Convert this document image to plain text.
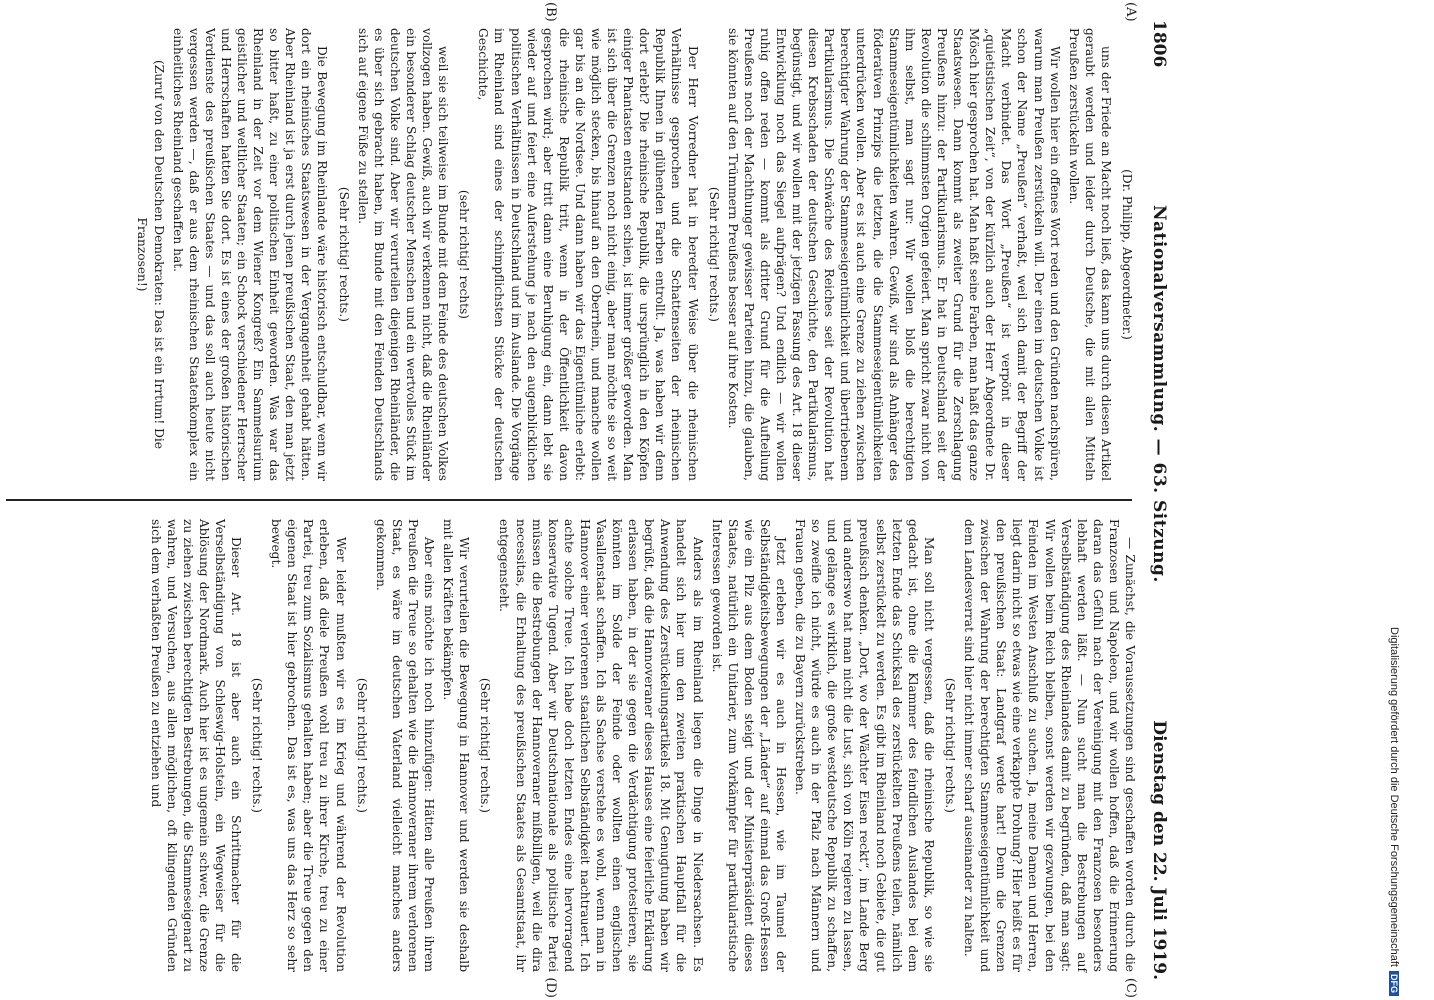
1806
Nationalversammlung. — 63. Sitzung.
Dienstag den 22. Juli 1919.

(Dr. Philipp, Abgeordneter.)

uns der Friede an Macht noch ließ, das kann uns durch diesen Artikel geraubt werden und leider durch Deutsche, die mit allen Mitteln Preußen zerstückeln wollen.

Wir wollen hier ein offenes Wort reden und den Gründen nachspüren, warum man Preußen zerstückeln will. Der einen im deutschen Volke ist schon der Name „Preußen“ verhaßt, weil sich damit der Begriff der Macht verbindet. Das Wort „Preußen“ ist verpönt in dieser „quietistischen Zeit“, von der kürzlich auch der Herr Abgeordnete Dr. Mösch hier gesprochen hat. Man haßt seine Farben, man haßt das ganze Staatswesen. Dann kommt als zweiter Grund für die Zerschlagung Preußens hinzu: der Partikularismus. Er hat in Deutschland seit der Revolution die schlimmsten Orgien gefeiert. Man spricht zwar nicht von ihm selbst, man sagt nur: Wir wollen bloß die berechtigten Stammeseigentümlichkeiten wahren. Gewiß, wir sind als Anhänger des föderativen Prinzips die letzten, die die Stammeseigentümlichkeiten unterdrücken wollen. Aber es ist auch eine Grenze zu ziehen zwischen berechtigter Wahrung der Stammeseigentümlichkeit und übertriebenem Partikularismus. Die Schwäche des Reiches seit der Revolution hat diesen Krebsschaden der deutschen Geschichte, den Partikularismus, begünstigt, und wir wollen mit der jetzigen Fassung des Art. 18 dieser Entwicklung noch das Siegel aufprägen? Und endlich — wir wollen ruhig offen reden — kommt als dritter Grund für die Aufteilung Preußens noch der Machthunger gewisser Parteien hinzu, die glauben, sie könnten auf den Trümmern Preußens besser auf ihre Kosten.

(Sehr richtig! rechts.)

Der Herr Vorredner hat in beredter Weise über die rheinischen Verhältnisse gesprochen und die Schattenseiten der rheinischen Republik Ihnen in glühenden Farben entrollt. Ja, was haben wir denn dort erlebt? Die rheinische Republik, die ursprünglich in den Köpfen einiger Phantasten entstanden schien, ist immer größer geworden. Man ist sich über die Grenzen noch nicht einig, aber man möchte sie so weit wie möglich stecken, bis hinauf an den Oberrhein, und manche wollen gar bis an die Nordsee. Und dann haben wir das Eigentümliche erlebt: die rheinische Republik tritt, wenn in der Öffentlichkeit davon gesprochen wird; aber tritt dann eine Beruhigung ein, dann lebt sie wieder auf und feiert eine Auferstehung je nach den augenblicklichen politischen Verhältnissen in Deutschland und im Auslande. Die Vorgänge im Rheinland sind eines der schimpflichsten Stücke der deutschen Geschichte,

(sehr richtig! rechts)

weil sie sich teilweise im Bunde mit dem Feinde des deutschen Volkes vollzogen haben. Gewiß, auch wir verkennen nicht, daß die Rheinländer ein besonderer Schlag deutscher Menschen und ein wertvolles Stück im deutschen Volke sind. Aber wir verurteilen diejenigen Rheinländer, die es über sich gebracht haben, im Bunde mit den Feinden Deutschlands sich auf eigene Füße zu stellen.

(Sehr richtig! rechts.)

Die Bewegung im Rheinlande wäre historisch entschuldbar, wenn wir dort ein rheinisches Staatswesen in der Vergangenheit gehabt hätten. Aber Rheinland ist ja erst durch jenen preußischen Staat, den man jetzt so bitter haßt, zu einer politischen Einheit geworden. Was war das Rheinland in der Zeit vor dem Wiener Kongreß? Ein Sammelsurium geistlicher und weltlicher Staaten; ein Schock verschiedener Herrscher und Herrschaften hatten Sie dort. Es ist eines der großen historischen Verdienste des preußischen Staates — und das soll auch heute nicht vergessen werden —, daß er aus dem rheinischen Staatenkomplex ein einheitliches Rheinland geschaffen hat.

(Zuruf von den Deutschen Demokraten: Das ist ein Irrtum! Die Franzosen!)

— Zunächst, die Voraussetzungen sind geschaffen worden durch die Franzosen und Napoleon, und wir wollen hoffen, daß die Erinnerung daran das Gefühl nach der Vereinigung mit den Franzosen besonders lebhaft werden läßt. — Nun sucht man die Bestrebungen auf Verselbständigung des Rheinlandes damit zu begründen, daß man sagt: Wir wollen beim Reich bleiben, sonst werden wir gezwungen, bei den Feinden im Westen Anschluß zu suchen. Ja, meine Damen und Herren, liegt darin nicht so etwas wie eine verkappte Drohung? Hier heißt es für den preußischen Staat: Landgraf werde hart! Denn die Grenzen zwischen der Wahrung der berechtigten Stammeseigentümlichkeit und dem Landesverrat sind hier nicht immer scharf auseinander zu halten.

(Sehr richtig! rechts.)

Man soll nicht vergessen, daß die rheinische Republik, so wie sie gedacht ist, ohne die Klammer des feindlichen Auslandes bei dem letzten Ende das Schicksal des zerstückelten Preußens teilen, nämlich selbst zerstückelt zu werden. Es gibt im Rheinland noch Gebiete, die gut preußisch denken. „Dort, wo der Wächter Eisen reckt“, im Lande Berg und anderswo hat man nicht die Lust, sich von Köln regieren zu lassen, und gelänge es wirklich, die große westdeutsche Republik zu schaffen, so zweifle ich nicht, würde es auch in der Pfalz nach Männern und Frauen geben, die zu Bayern zurückstreben.

Jetzt erleben wir es auch in Hessen, wie im Taumel der Selbständigkeitsbewegungen der „Länder“ auf einmal das Groß-Hessen wie ein Pilz aus dem Boden steigt und der Ministerpräsident dieses Staates, natürlich ein Unitarier, zum Vorkämpfer für partikularistische Interessen geworden ist.

Anders als im Rheinland liegen die Dinge in Niedersachsen. Es handelt sich hier um den zweiten praktischen Hauptfall für die Anwendung des Zerstückelungsartikels 18. Mit Genugtuung haben wir begrüßt, daß die Hannoveraner dieses Hauses eine feierliche Erklärung erlassen haben, in der sie gegen die Verdächtigung protestieren, sie könnten im Solde der Feinde oder wollten einen englischen Vasallenstaat schaffen. Ich als Sachse verstehe es wohl, wenn man in Hannover einer verlorenen staatlichen Selbständigkeit nachtrauert. Ich achte solche Treue. Ich habe doch letzten Endes eine hervorragend konservative Tugend. Aber wir Deutschnationale als politische Partei müssen die Bestrebungen der Hannoveraner mißbilligen, weil die dira necessitas, die Erhaltung des preußischen Staates als Gesamtstaat, ihr entgegensteht.

(Sehr richtig! rechts.)

Wir verurteilen die Bewegung in Hannover und werden sie deshalb mit allen Kräften bekämpfen.

Aber eins möchte ich noch hinzufügen: Hätten alle Preußen ihrem Preußen die Treue so gehalten wie die Hannoveraner ihrem verlorenen Staat, es wäre im deutschen Vaterland vielleicht manches anders gekommen.

(Sehr richtig! rechts.)

Wer leider mußten wir es im Krieg und während der Revolution erleben, daß diele Preußen wohl treu zu ihrer Kirche, treu zu einer Partei, treu zum Sozialismus gehalten haben; aber die Treue gegen den eigenen Staat ist hier gebrochen. Das ist es, was uns das Herz so sehr bewegt.

(Sehr richtig! rechts.)

Dieser Art. 18 ist aber auch ein Schrittmacher für die Verselbständigung von Schleswig-Holstein, ein Wegweiser für die Ablösung der Nordmark. Auch hier ist es ungemein schwer, die Grenze zu ziehen zwischen berechtigten Bestrebungen, die Stammeseigenart zu wahren, und Versuchen, aus allen möglichen, oft klingenden Gründen sich dem verhaßten Preußen zu entziehen und

(A)
(B)
(C)
(D)
Digitalisierung gefördert durch die Deutsche Forschungsgemeinschaft
DFG
